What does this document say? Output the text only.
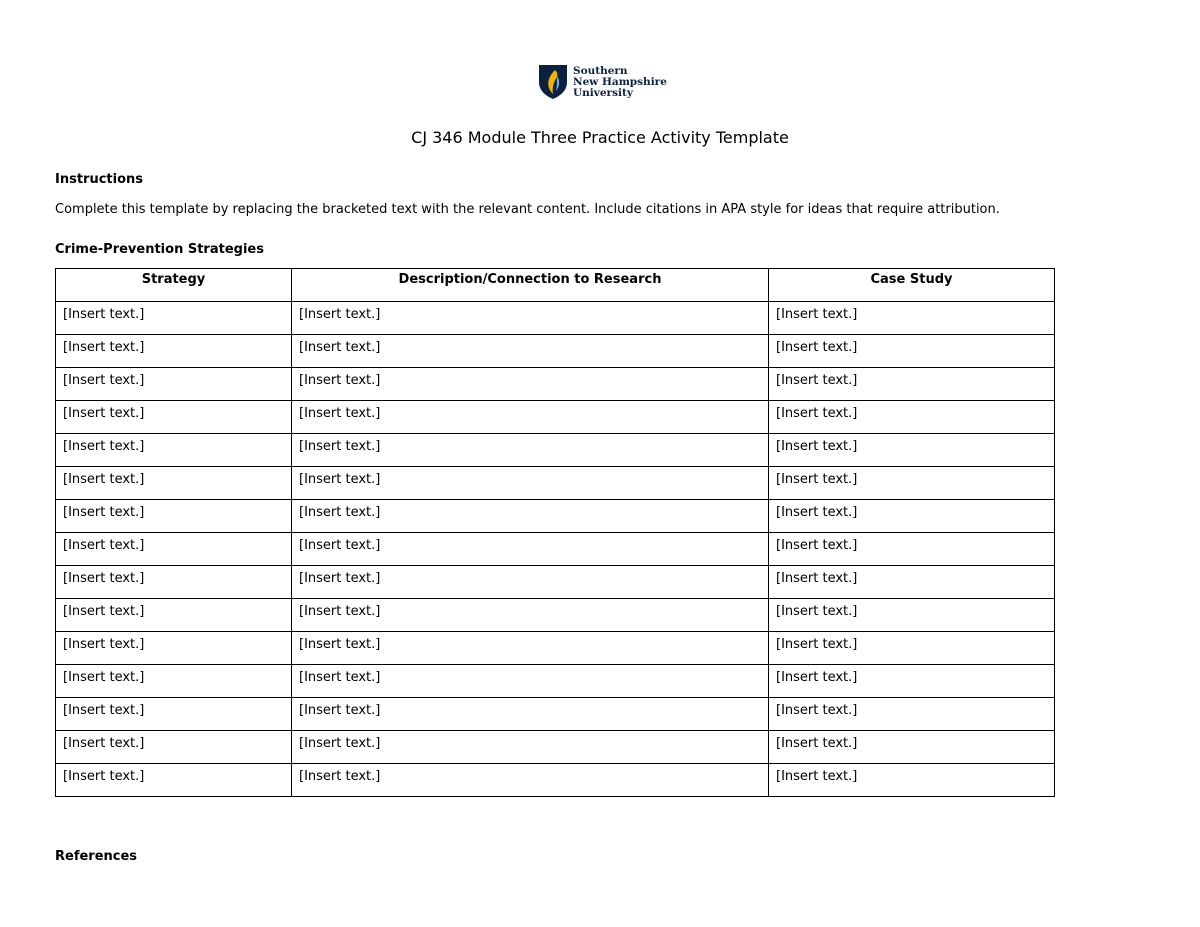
Southern
New Hampshire
University
CJ 346 Module Three Practice Activity Template
Instructions
Complete this template by replacing the bracketed text with the relevant content. Include citations in APA style for ideas that require attribution.
Crime-Prevention Strategies
Strategy	Description/Connection to Research	Case Study
[Insert text.]	[Insert text.]	[Insert text.]
[Insert text.]	[Insert text.]	[Insert text.]
[Insert text.]	[Insert text.]	[Insert text.]
[Insert text.]	[Insert text.]	[Insert text.]
[Insert text.]	[Insert text.]	[Insert text.]
[Insert text.]	[Insert text.]	[Insert text.]
[Insert text.]	[Insert text.]	[Insert text.]
[Insert text.]	[Insert text.]	[Insert text.]
[Insert text.]	[Insert text.]	[Insert text.]
[Insert text.]	[Insert text.]	[Insert text.]
[Insert text.]	[Insert text.]	[Insert text.]
[Insert text.]	[Insert text.]	[Insert text.]
[Insert text.]	[Insert text.]	[Insert text.]
[Insert text.]	[Insert text.]	[Insert text.]
[Insert text.]	[Insert text.]	[Insert text.]
References
